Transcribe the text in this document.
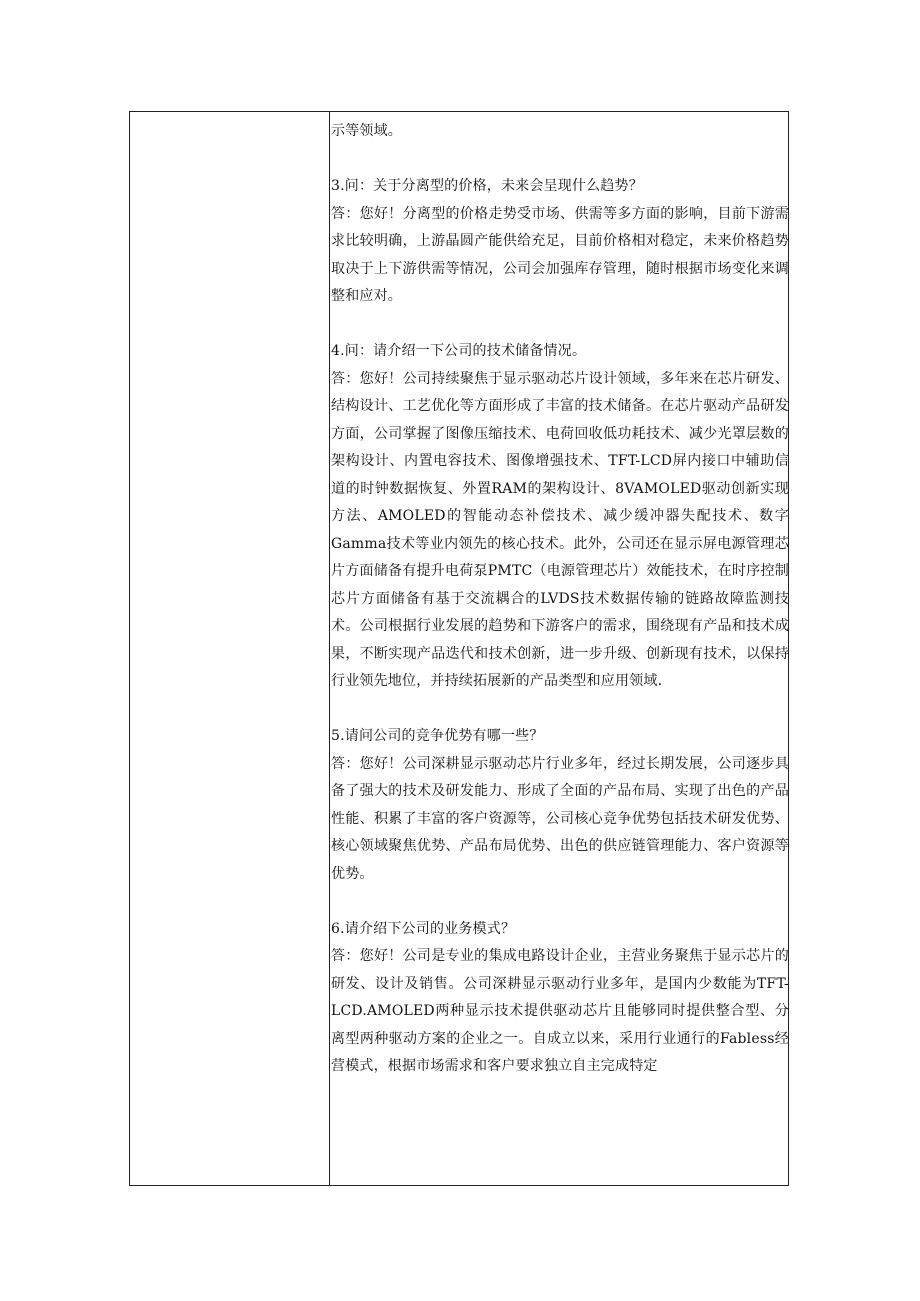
示等领域。

3.问：关于分离型的价格，未来会呈现什么趋势？

答：您好！分离型的价格走势受市场、供需等多方面的影响，目前下游需求比较明确，上游晶圆产能供给充足，目前价格相对稳定，未来价格趋势取决于上下游供需等情况，公司会加强库存管理，随时根据市场变化来调整和应对。

4.问：请介绍一下公司的技术储备情况。

答：您好！公司持续聚焦于显示驱动芯片设计领域，多年来在芯片研发、结构设计、工艺优化等方面形成了丰富的技术储备。在芯片驱动产品研发方面，公司掌握了图像压缩技术、电荷回收低功耗技术、减少光罩层数的架构设计、内置电容技术、图像增强技术、TFT-LCD屏内接口中辅助信道的时钟数据恢复、外置RAM的架构设计、8VAMOLED驱动创新实现方法、AMOLED的智能动态补偿技术、减少缓冲器失配技术、数字Gamma技术等业内领先的核心技术。此外，公司还在显示屏电源管理芯片方面储备有提升电荷泵PMTC（电源管理芯片）效能技术，在时序控制芯片方面储备有基于交流耦合的LVDS技术数据传输的链路故障监测技术。公司根据行业发展的趋势和下游客户的需求，围绕现有产品和技术成果，不断实现产品迭代和技术创新，进一步升级、创新现有技术，以保持行业领先地位，并持续拓展新的产品类型和应用领域.

5.请问公司的竞争优势有哪一些？

答：您好！公司深耕显示驱动芯片行业多年，经过长期发展，公司逐步具备了强大的技术及研发能力、形成了全面的产品布局、实现了出色的产品性能、积累了丰富的客户资源等，公司核心竞争优势包括技术研发优势、核心领域聚焦优势、产品布局优势、出色的供应链管理能力、客户资源等优势。

6.请介绍下公司的业务模式？

答：您好！公司是专业的集成电路设计企业，主营业务聚焦于显示芯片的研发、设计及销售。公司深耕显示驱动行业多年，是国内少数能为TFT-LCD.AMOLED两种显示技术提供驱动芯片且能够同时提供整合型、分离型两种驱动方案的企业之一。自成立以来，采用行业通行的Fabless经营模式，根据市场需求和客户要求独立自主完成特定
